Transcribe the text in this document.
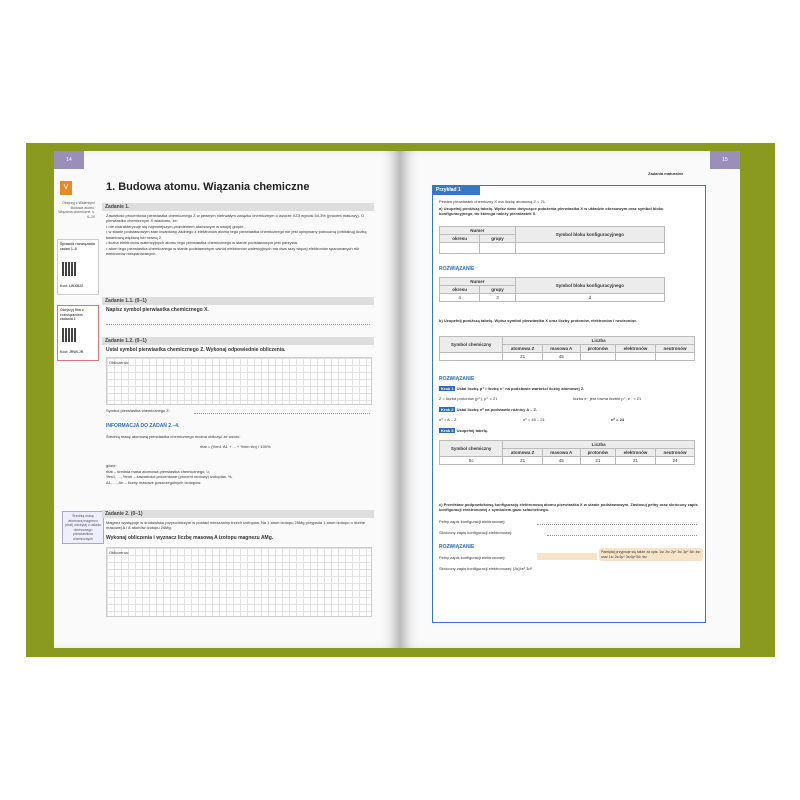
14
V	1. Budowa atomu. Wiązania chemiczne
Obejrzyj z Walentym! Budowa atomu. Wiązania chemiczne, s. 6–20
Sprawdź rozwiązania zadań 1–8
Kod: LWXBJ2
Obejrzyj film z rozwiązaniem zadania 1
Kod: JRWLJR
Zadanie 1.
Zawartość procentowa pierwiastka chemicznego Z w pewnym nietrwałym związku chemicznym o wzorze XZ3 wynosi 54,3% (procent masowy). O pierwiastku chemicznym X wiadomo, że:
• nie charakteryzuje się najmniejszym promieniem atomowym w swojej grupie,
• w stanie podstawowym stan kwantowy żadnego z elektronów atomu tego pierwiastka chemicznego nie jest opisywany poboczną (orbitalną) liczbą kwantową większą lub równą 2,
• liczba elektronów walencyjnych atomu tego pierwiastka chemicznego w stanie podstawowym jest parzysta,
• atom tego pierwiastka chemicznego w stanie podstawowym wśród elektronów walencyjnych ma dwa razy więcej elektronów sparowanych niż elektronów niesparowanych.
Zadanie 1.1. (0–1)
Napisz symbol pierwiastka chemicznego X.
Zadanie 1.2. (0–1)
Ustal symbol pierwiastka chemicznego Z. Wykonaj odpowiednie obliczenia.
Obliczenia:
Symbol pierwiastka chemicznego Z:
INFORMACJA DO ZADAŃ 2.–4.
Średnią masę atomową pierwiastka chemicznego można obliczyć ze wzoru:
m̄at = (%m1·A1 + ... + %mn·An) / 100%
gdzie:
m̄at – średnia masa atomowa pierwiastka chemicznego, u,
%m1, ..., %mn – zawartości procentowe (procent molowy) izotopów, %,
A1, ..., An – liczby masowe poszczególnych izotopów.
Średnią masę atomową magnezu (m̄at) odczytaj z układu okresowego pierwiastków chemicznych
Zadanie 2. (0–1)
Magnez występuje w środowisku przyrodniczym w postaci mieszaniny trzech izotopów. Na 1 atom izotopu 25Mg przypada 1 atom izotopu o liczbie masowej A i 8 atomów izotopu 24Mg.
Wykonaj obliczenia i wyznacz liczbę masową A izotopu magnezu AMg.
Obliczenia:
Zadania maturalne
15
Przykład 1
Pewien pierwiastek chemiczny X ma liczbę atomową Z = 21.
a) Uzupełnij poniższą tabelę. Wpisz dane dotyczące położenia pierwiastka X w układzie okresowym oraz symbol bloku konfiguracyjnego, do którego należy pierwiastek X.
Numer		Symbol bloku konfiguracyjnego
okresu	grupy	

ROZWIĄZANIE
Numer		Symbol bloku konfiguracyjnego
okresu	grupy	
4	3	d
b) Uzupełnij poniższą tabelę. Wpisz symbol pierwiastka X oraz liczby protonów, elektronów i neutronów.
Symbol chemiczny	Liczba				
	atomowa Z	masowa A	protonów	elektronów	neutronów
	21	45			
ROZWIĄZANIE
Krok 1 Ustal liczbę p⁺ i liczbę e⁻ na podstawie wartości liczby atomowej Z.
Z = liczba protonów (p⁺), p⁺ = 21	liczba e⁻ jest równa liczbie p⁺, e⁻ = 21
Krok 2 Ustal liczbę n⁰ na podstawie różnicy A – Z.
n⁰ = A – Z	n⁰ = 45 – 21	n⁰ = 24
Krok 3 Uzupełnij tabelę.
Symbol chemiczny	Liczba				
	atomowa Z	masowa A	protonów	elektronów	neutronów
Sc	21	45	21	21	24
c) Przedstaw podpowłokową konfigurację elektronową atomu pierwiastka X w stanie podstawowym. Zastosuj pełny oraz skrócony zapis konfiguracji elektronowej z symbolem gazu szlachetnego.
Pełny zapis konfiguracji elektronowej:
Skrócony zapis konfiguracji elektronowej:
ROZWIĄZANIE
Pełny zapis konfiguracji elektronowej:
Skrócony zapis konfiguracji elektronowej: [Ar]4s² 3d¹
Pamiętaj przyjmuje się także za opis: 1s² 2s² 2p⁶ 3s² 3p⁶ 3d¹ 4s² oraz 1s² 2s²2p⁶ 3s²3p⁶3d¹ 4s²
